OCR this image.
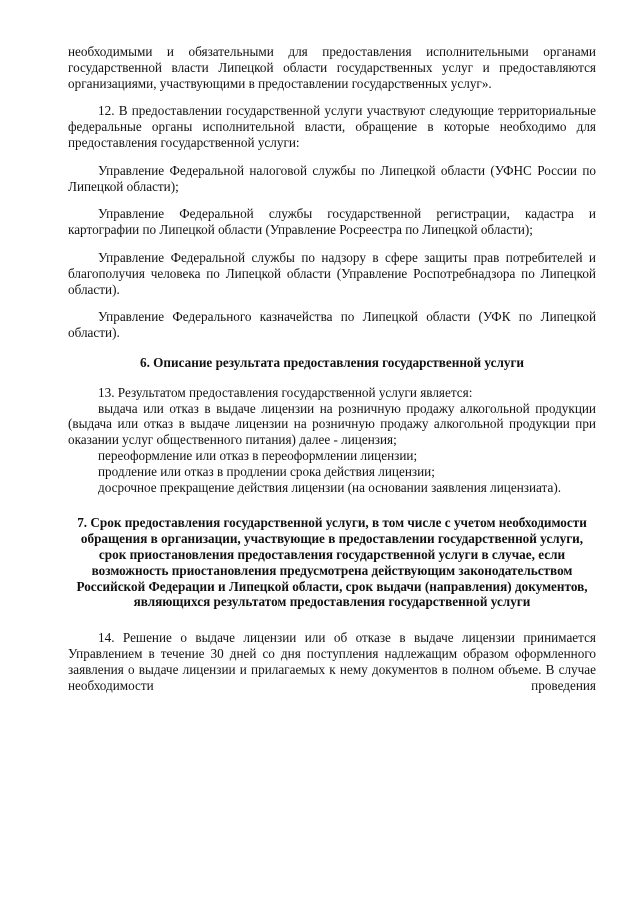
необходимыми и обязательными для предоставления исполнительными органами государственной власти Липецкой области государственных услуг и предоставляются организациями, участвующими в предоставлении государственных услуг».

12. В предоставлении государственной услуги участвуют следующие территориальные федеральные органы исполнительной власти, обращение в которые необходимо для предоставления государственной услуги:

Управление Федеральной налоговой службы по Липецкой области (УФНС России по Липецкой области);

Управление Федеральной службы государственной регистрации, кадастра и картографии по Липецкой области (Управление Росреестра по Липецкой области);

Управление Федеральной службы по надзору в сфере защиты прав потребителей и благополучия человека по Липецкой области (Управление Роспотребнадзора по Липецкой области).

Управление Федерального казначейства по Липецкой области (УФК по Липецкой области).

6. Описание результата предоставления государственной услуги

13. Результатом предоставления государственной услуги является:

выдача или отказ в выдаче лицензии на розничную продажу алкогольной продукции (выдача или отказ в выдаче лицензии на розничную продажу алкогольной продукции при оказании услуг общественного питания) далее - лицензия;

переоформление или отказ в переоформлении лицензии;

продление или отказ в продлении срока действия лицензии;

досрочное прекращение действия лицензии (на основании заявления лицензиата).

7. Срок предоставления государственной услуги, в том числе с учетом необходимости обращения в организации, участвующие в предоставлении государственной услуги, срок приостановления предоставления государственной услуги в случае, если возможность приостановления предусмотрена действующим законодательством Российской Федерации и Липецкой области, срок выдачи (направления) документов, являющихся результатом предоставления государственной услуги

14. Решение о выдаче лицензии или об отказе в выдаче лицензии принимается Управлением в течение 30 дней со дня поступления надлежащим образом оформленного заявления о выдаче лицензии и прилагаемых к нему документов в полном объеме. В случае необходимости проведения
